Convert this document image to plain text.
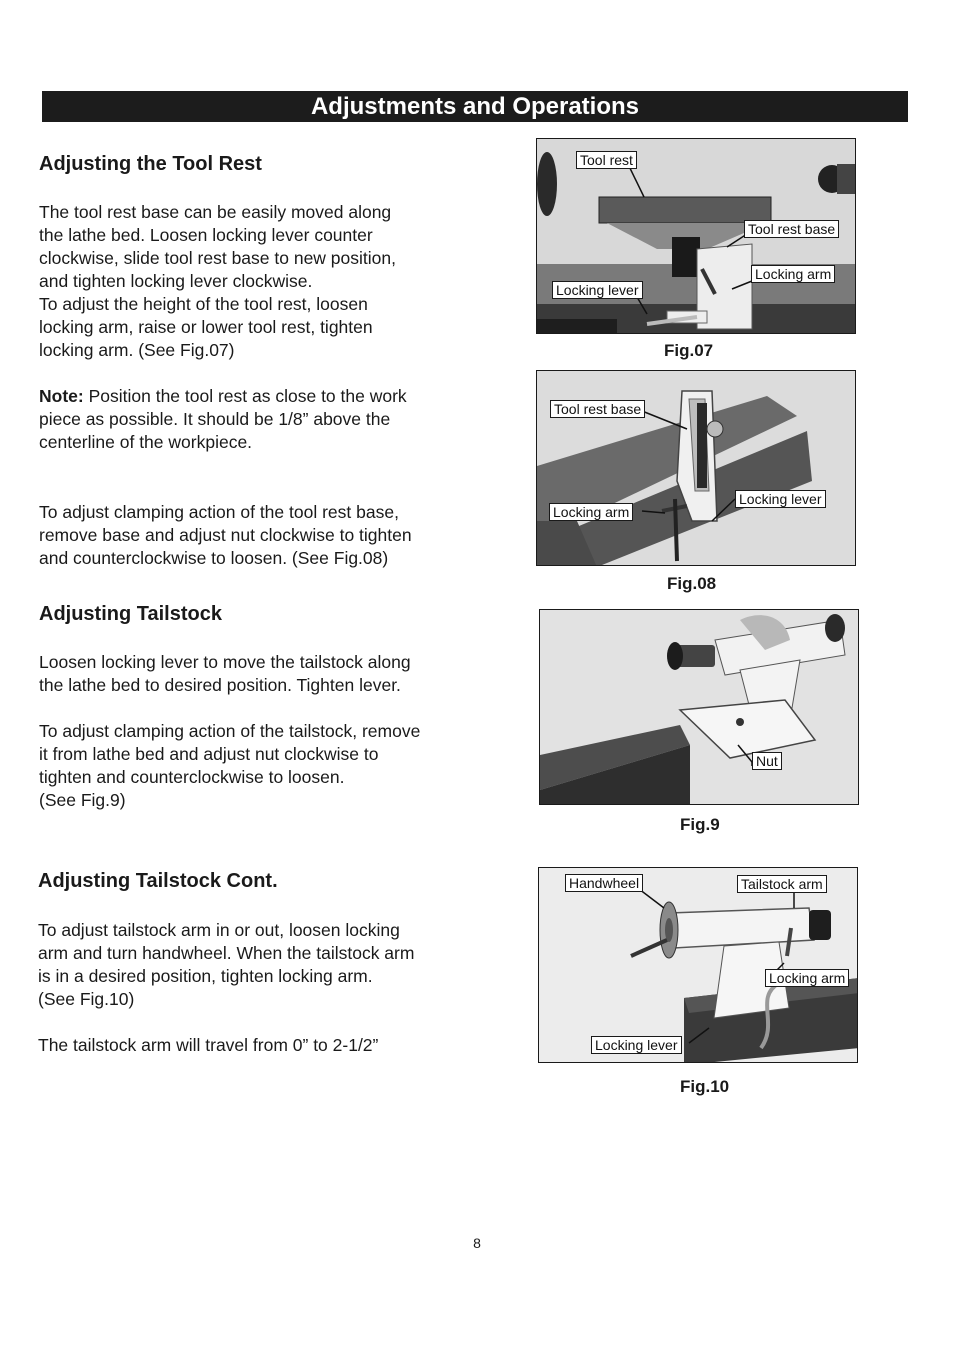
Adjustments and Operations
Adjusting the Tool Rest

The tool rest base can be easily moved along
the lathe bed. Loosen locking lever counter
clockwise, slide tool rest base to new position,
and tighten locking lever clockwise.
To adjust the height of the tool rest, loosen
locking arm, raise or lower tool rest, tighten
locking arm. (See Fig.07)

Note: Position the tool rest as close to the work
piece as possible. It should be 1/8” above the
centerline of the workpiece.

To adjust clamping action of the tool rest base,
remove base and adjust nut clockwise to tighten
and counterclockwise to loosen. (See Fig.08)

Adjusting Tailstock

Loosen locking lever to move the tailstock along
the lathe bed to desired position. Tighten lever.

To adjust clamping action of the tailstock, remove
it from lathe bed and adjust nut clockwise to
tighten and counterclockwise to loosen.
(See Fig.9)

Adjusting Tailstock Cont.

To adjust tailstock arm in or out, loosen locking
arm and turn handwheel. When the tailstock arm
is in a desired position, tighten locking arm.
(See Fig.10)

The tailstock arm will travel from 0” to 2-1/2”

Tool rest
Tool rest base
Locking arm
Locking lever
Fig.07
Tool rest base
Locking lever
Locking arm
Fig.08
Nut
Fig.9
Handwheel	Tailstock arm
Locking arm
Locking lever
Fig.10
8
